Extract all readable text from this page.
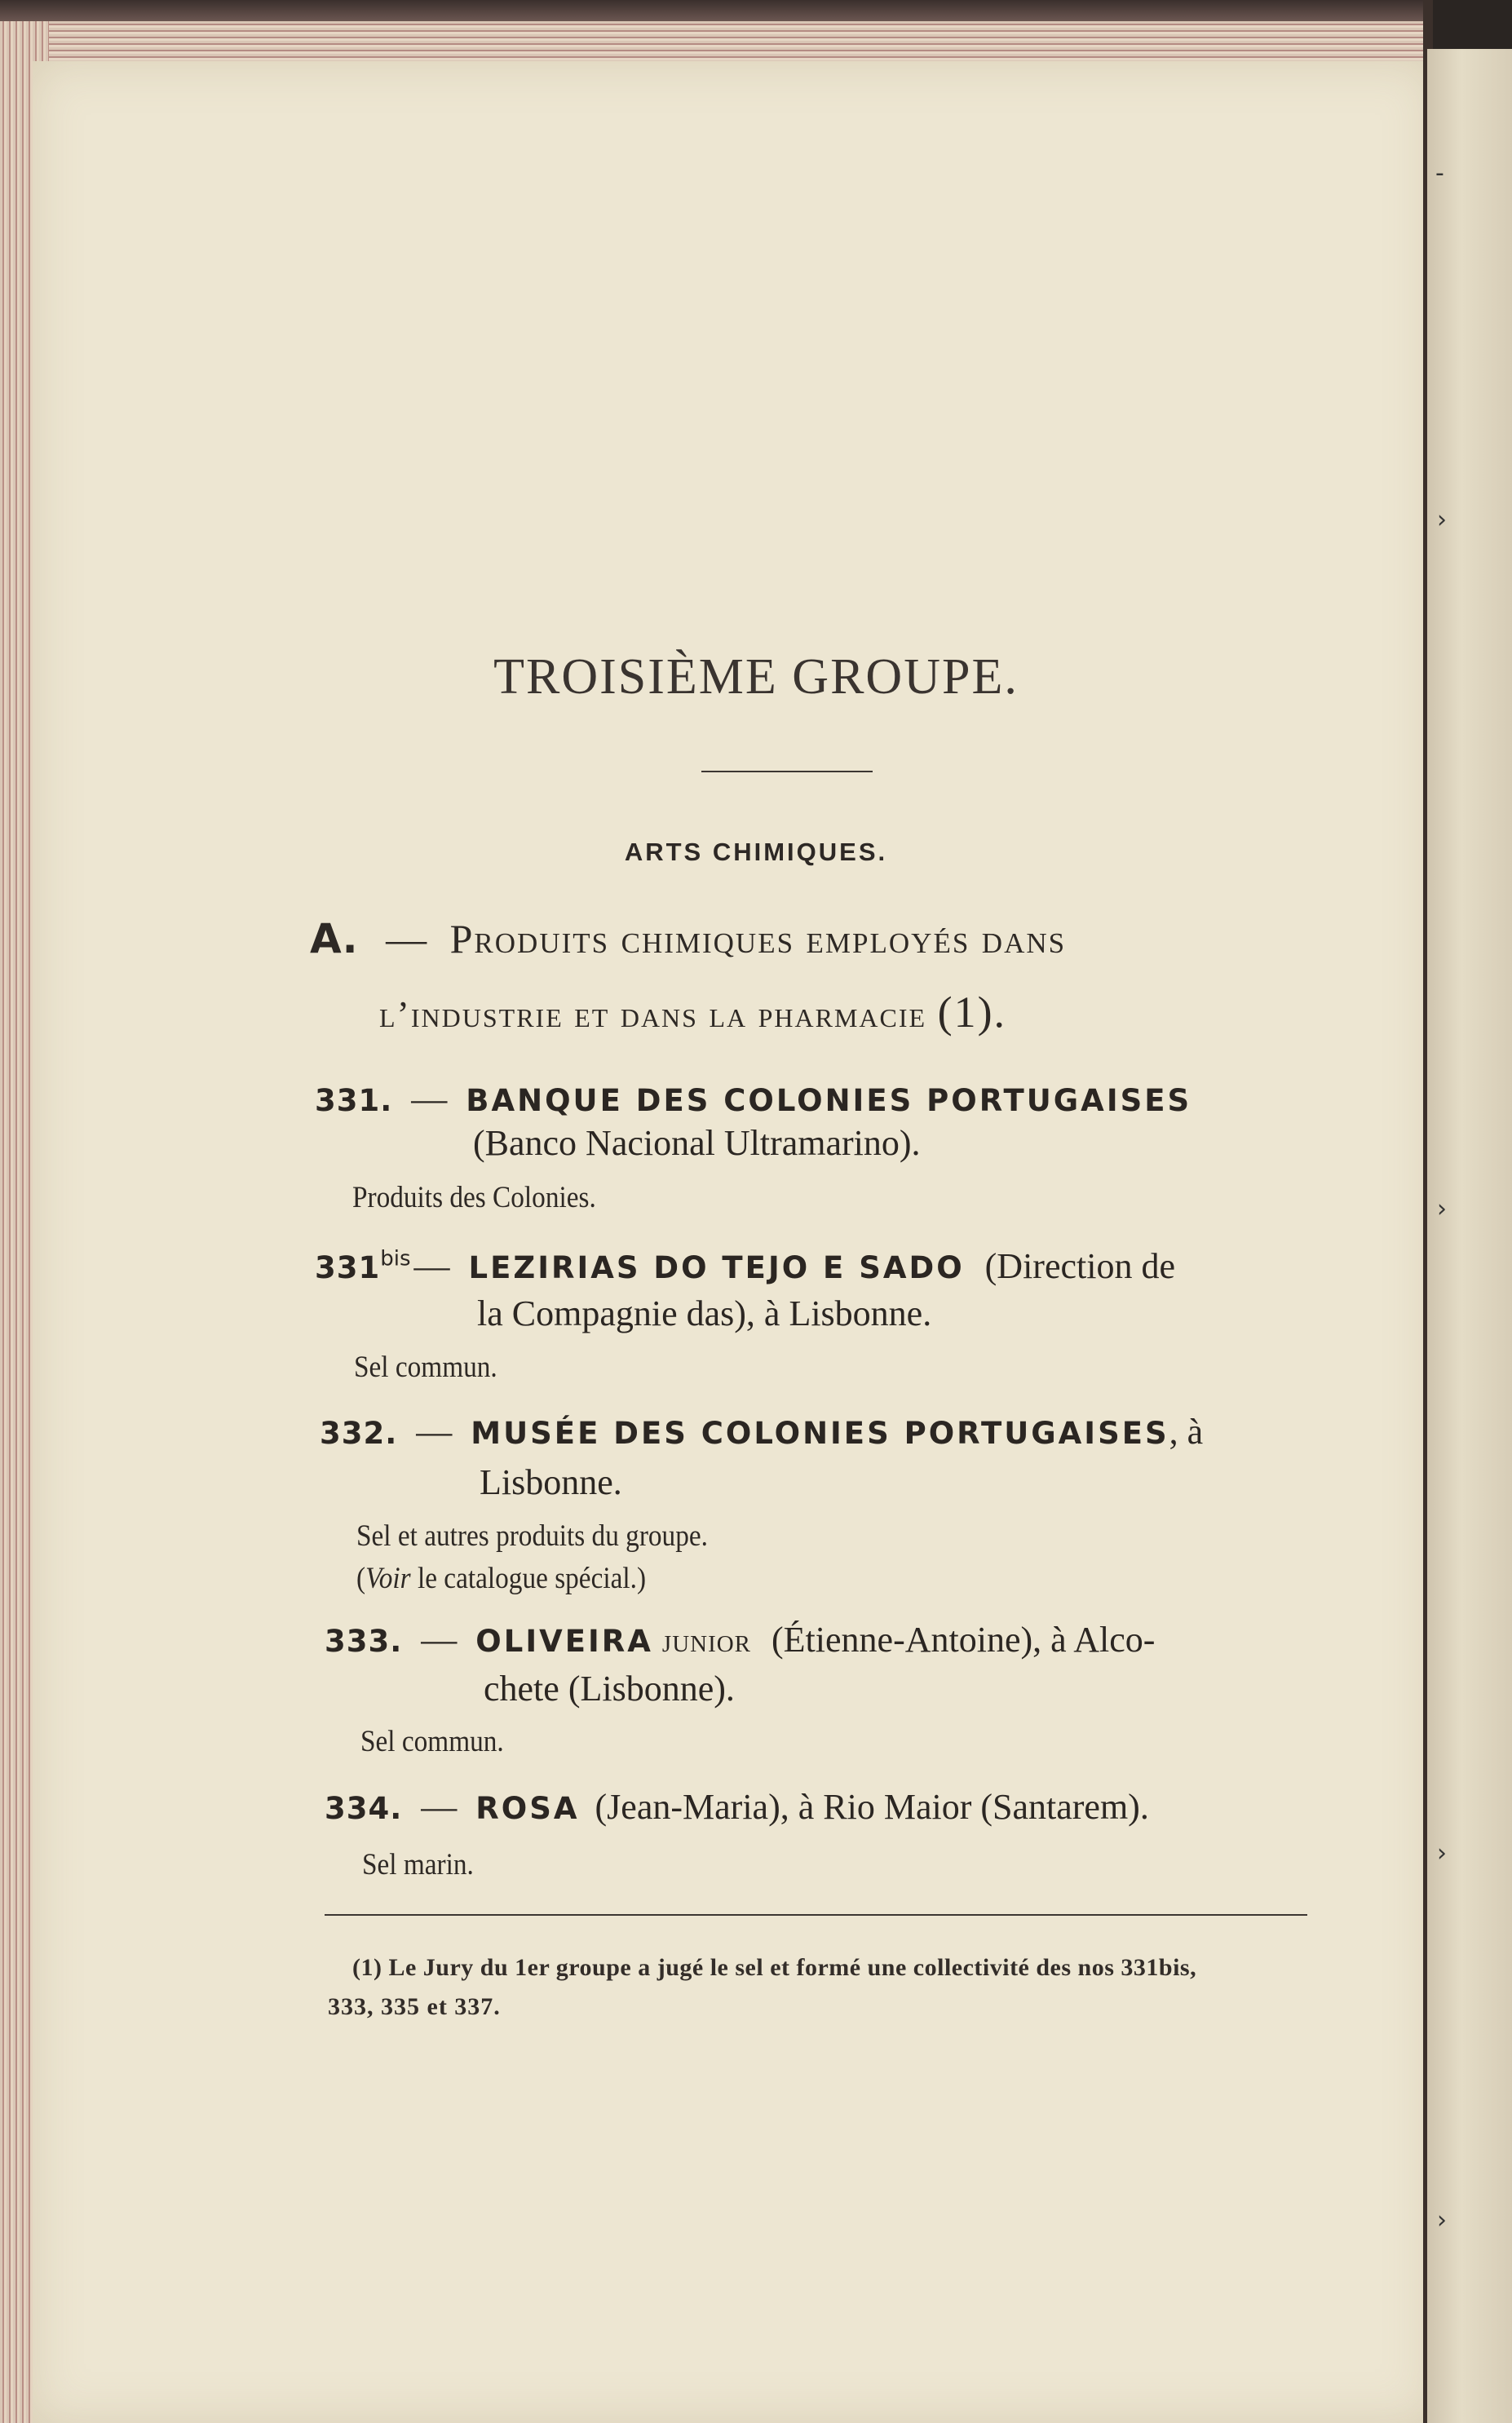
-
›
›
›
›
TROISIÈME GROUPE.
ARTS CHIMIQUES.
A. — Produits chimiques employés dans
l’industrie et dans la pharmacie (1).
331. — BANQUE DES COLONIES PORTUGAISES
(Banco Nacional Ultramarino).
Produits des Colonies.
$331^{bis}—$ LEZIRIAS DO TEJO E SADO (Direction de
la Compagnie das), à Lisbonne.
Sel commun.
332. — MUSÉE DES COLONIES PORTUGAISES, à
Lisbonne.
Sel et autres produits du groupe.
(Voir le catalogue spécial.)
333. — OLIVEIRA junior (Étienne-Antoine), à Alco-
chete (Lisbonne).
Sel commun.
334. — ROSA (Jean-Maria), à Rio Maior (Santarem).
Sel marin.
(1) Le Jury du 1er groupe a jugé le sel et formé une collectivité des nos 331bis,
333, 335 et 337.
